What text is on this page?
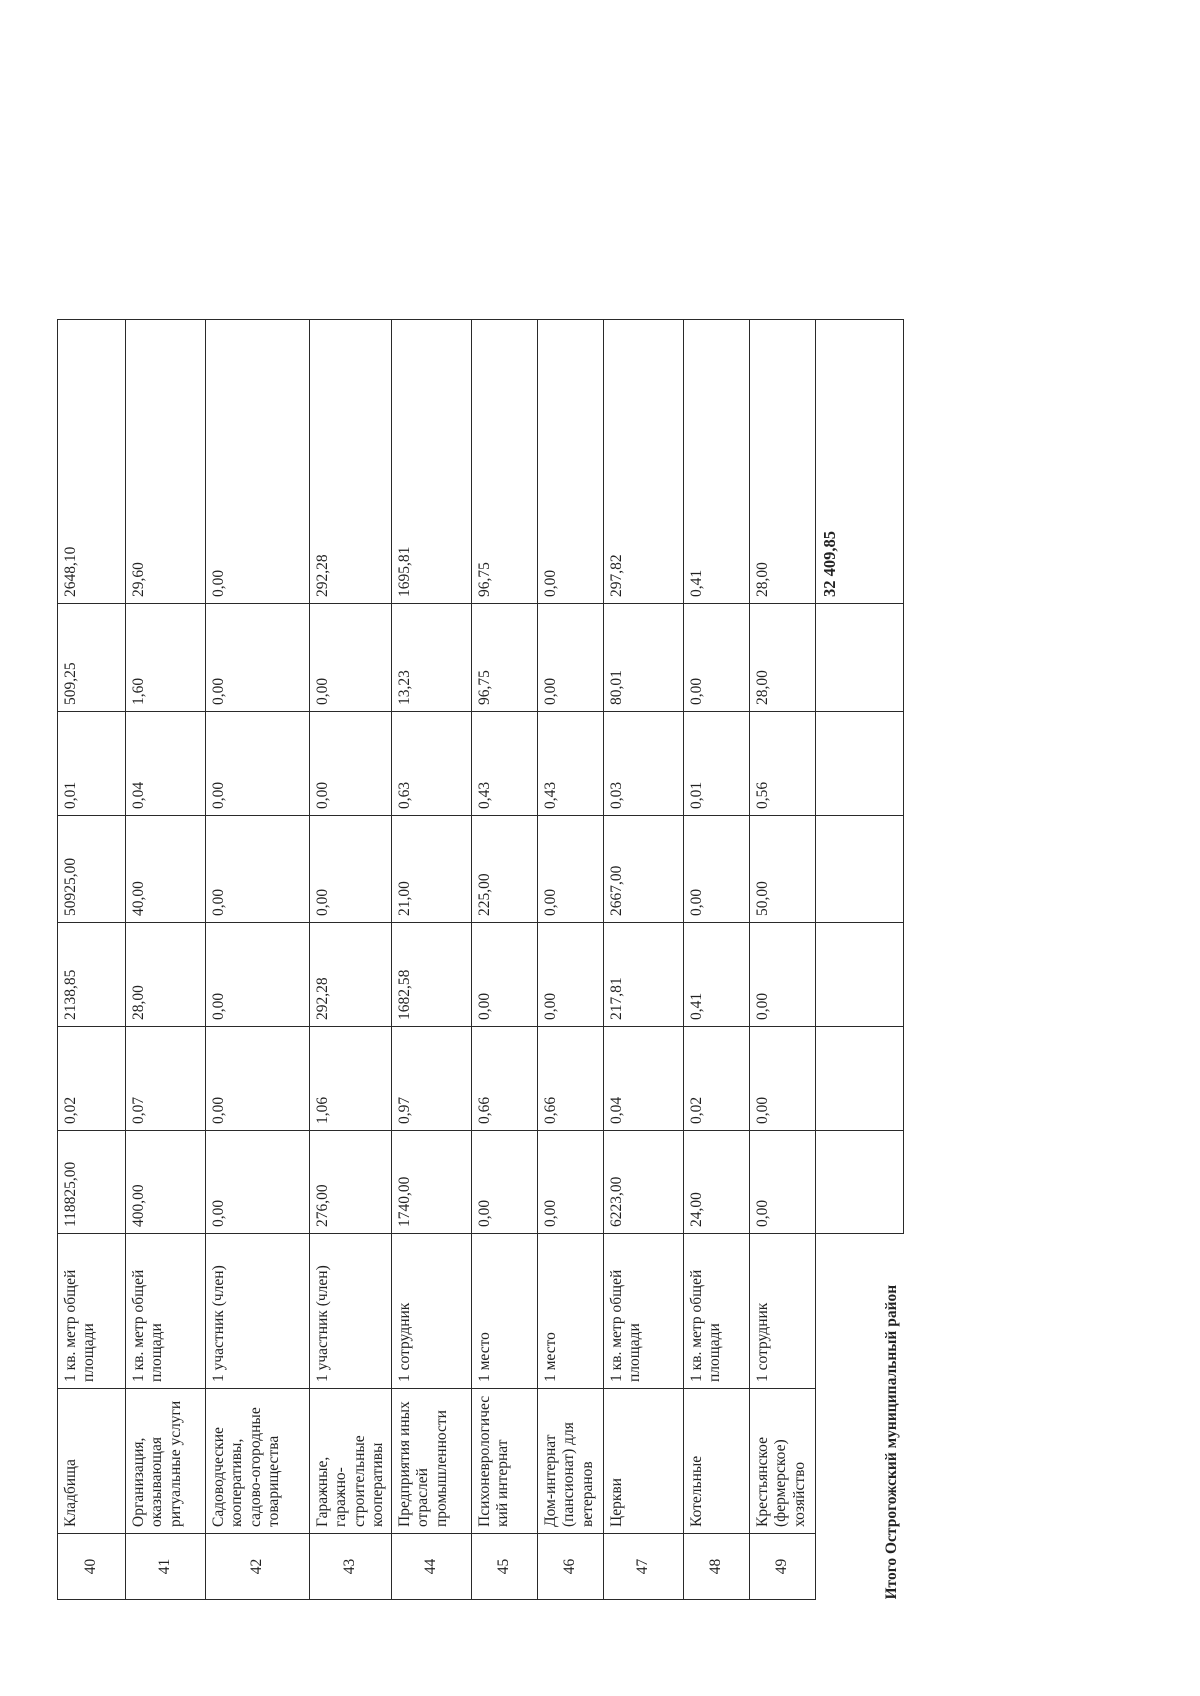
40	Кладбища	1 кв. метр общей площади	118825,00	0,02	2138,85	50925,00	0,01	509,25	2648,10
41	Организация, оказывающая ритуальные услуги	1 кв. метр общей площади	400,00	0,07	28,00	40,00	0,04	1,60	29,60
42	Садоводческие кооперативы, садово-огородные товарищества	1 участник (член)	0,00	0,00	0,00	0,00	0,00	0,00	0,00
43	Гаражные, гаражно-строительные кооперативы	1 участник (член)	276,00	1,06	292,28	0,00	0,00	0,00	292,28
44	Предприятия иных отраслей промышленности	1 сотрудник	1740,00	0,97	1682,58	21,00	0,63	13,23	1695,81
45	Психоневрологический интернат	1 место	0,00	0,66	0,00	225,00	0,43	96,75	96,75
46	Дом-интернат (пансионат) для ветеранов	1 место	0,00	0,66	0,00	0,00	0,43	0,00	0,00
47	Церкви	1 кв. метр общей площади	6223,00	0,04	217,81	2667,00	0,03	80,01	297,82
48	Котельные	1 кв. метр общей площади	24,00	0,02	0,41	0,00	0,01	0,00	0,41
49	Крестьянское (фермерское) хозяйство	1 сотрудник	0,00	0,00	0,00	50,00	0,56	28,00	28,00
Итого Острогожский муниципальный район									32 409,85
